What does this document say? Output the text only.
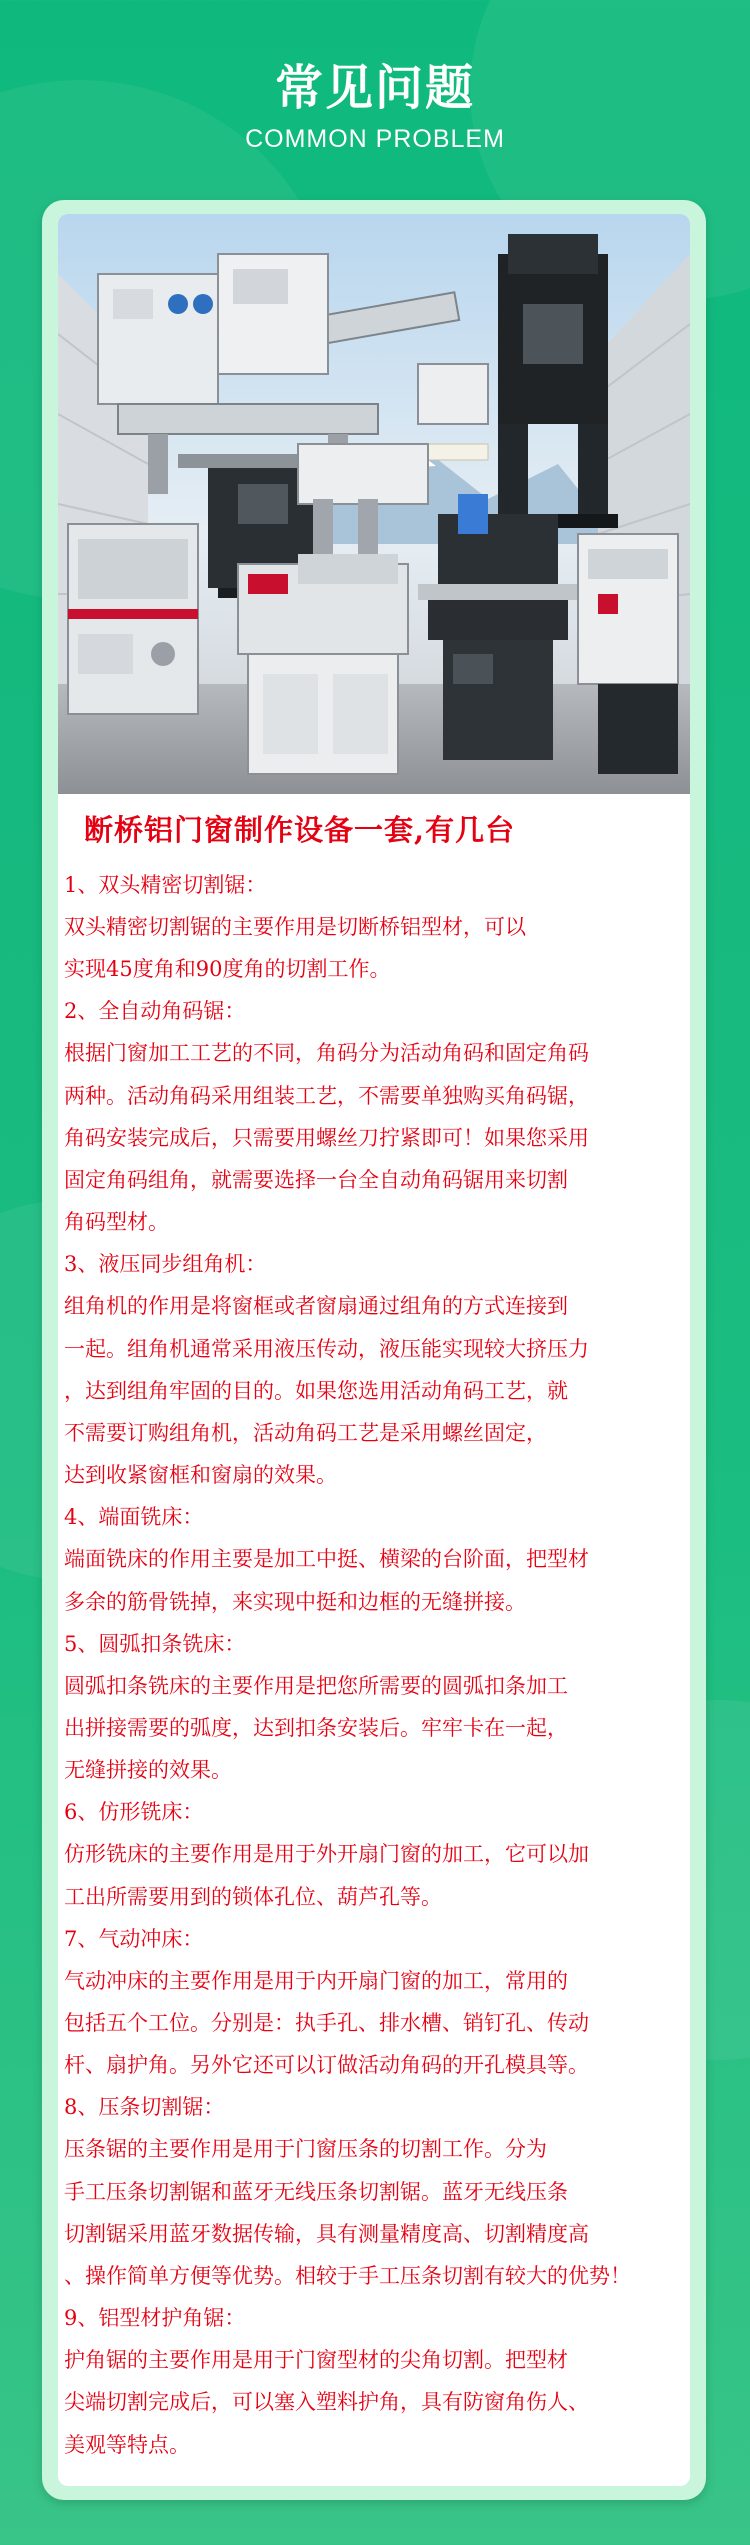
常见问题
COMMON PROBLEM
断桥铝门窗制作设备一套,有几台
1、双头精密切割锯：
双头精密切割锯的主要作用是切断桥铝型材，可以
实现45度角和90度角的切割工作。
2、全自动角码锯：
根据门窗加工工艺的不同，角码分为活动角码和固定角码
两种。活动角码采用组装工艺，不需要单独购买角码锯，
角码安装完成后，只需要用螺丝刀拧紧即可！如果您采用
固定角码组角，就需要选择一台全自动角码锯用来切割
角码型材。
3、液压同步组角机：
组角机的作用是将窗框或者窗扇通过组角的方式连接到
一起。组角机通常采用液压传动，液压能实现较大挤压力
，达到组角牢固的目的。如果您选用活动角码工艺，就
不需要订购组角机，活动角码工艺是采用螺丝固定，
达到收紧窗框和窗扇的效果。
4、端面铣床：
端面铣床的作用主要是加工中挺、横梁的台阶面，把型材
多余的筋骨铣掉，来实现中挺和边框的无缝拼接。
5、圆弧扣条铣床：
圆弧扣条铣床的主要作用是把您所需要的圆弧扣条加工
出拼接需要的弧度，达到扣条安装后。牢牢卡在一起，
无缝拼接的效果。
6、仿形铣床：
仿形铣床的主要作用是用于外开扇门窗的加工，它可以加
工出所需要用到的锁体孔位、葫芦孔等。
7、气动冲床：
气动冲床的主要作用是用于内开扇门窗的加工，常用的
包括五个工位。分别是：执手孔、排水槽、销钉孔、传动
杆、扇护角。另外它还可以订做活动角码的开孔模具等。
8、压条切割锯：
压条锯的主要作用是用于门窗压条的切割工作。分为
手工压条切割锯和蓝牙无线压条切割锯。蓝牙无线压条
切割锯采用蓝牙数据传输，具有测量精度高、切割精度高
、操作简单方便等优势。相较于手工压条切割有较大的优势！
9、铝型材护角锯：
护角锯的主要作用是用于门窗型材的尖角切割。把型材
尖端切割完成后，可以塞入塑料护角，具有防窗角伤人、
美观等特点。
